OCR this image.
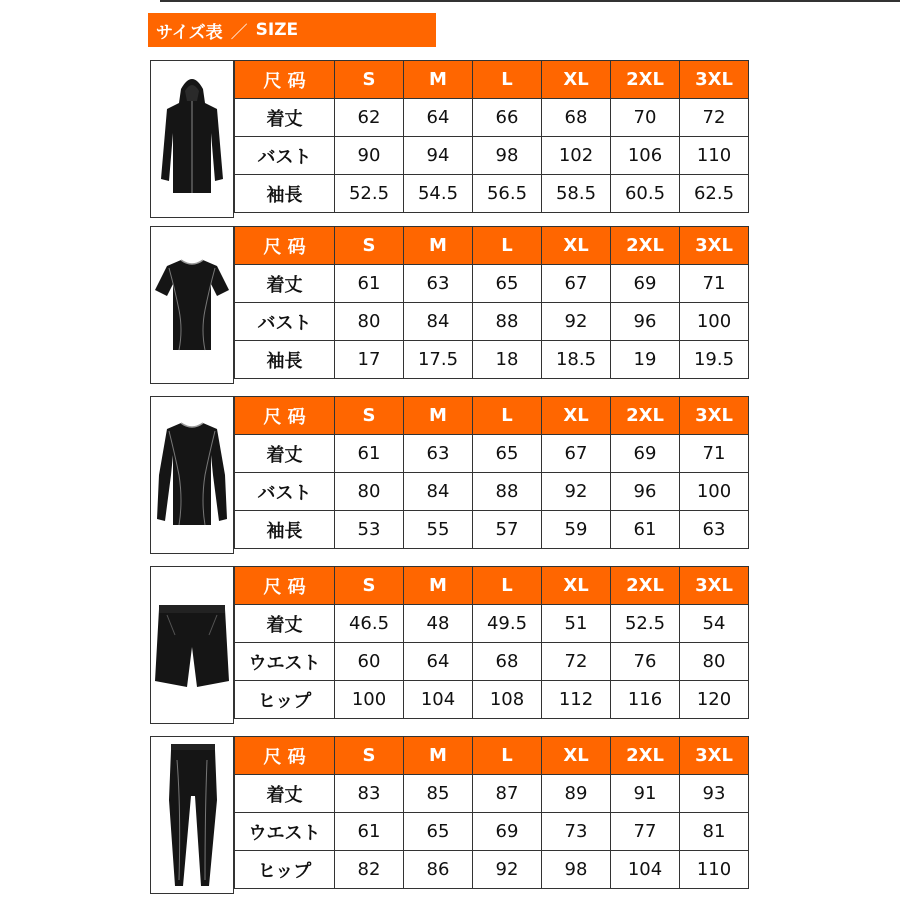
サイズ表 ／ SIZE
尺 码	S	M	L	XL	2XL	3XL
着丈	62	64	66	68	70	72
バスト	90	94	98	102	106	110
袖長	52.5	54.5	56.5	58.5	60.5	62.5
尺 码	S	M	L	XL	2XL	3XL
着丈	61	63	65	67	69	71
バスト	80	84	88	92	96	100
袖長	17	17.5	18	18.5	19	19.5
尺 码	S	M	L	XL	2XL	3XL
着丈	61	63	65	67	69	71
バスト	80	84	88	92	96	100
袖長	53	55	57	59	61	63
尺 码	S	M	L	XL	2XL	3XL
着丈	46.5	48	49.5	51	52.5	54
ウエスト	60	64	68	72	76	80
ヒップ	100	104	108	112	116	120
尺 码	S	M	L	XL	2XL	3XL
着丈	83	85	87	89	91	93
ウエスト	61	65	69	73	77	81
ヒップ	82	86	92	98	104	110
